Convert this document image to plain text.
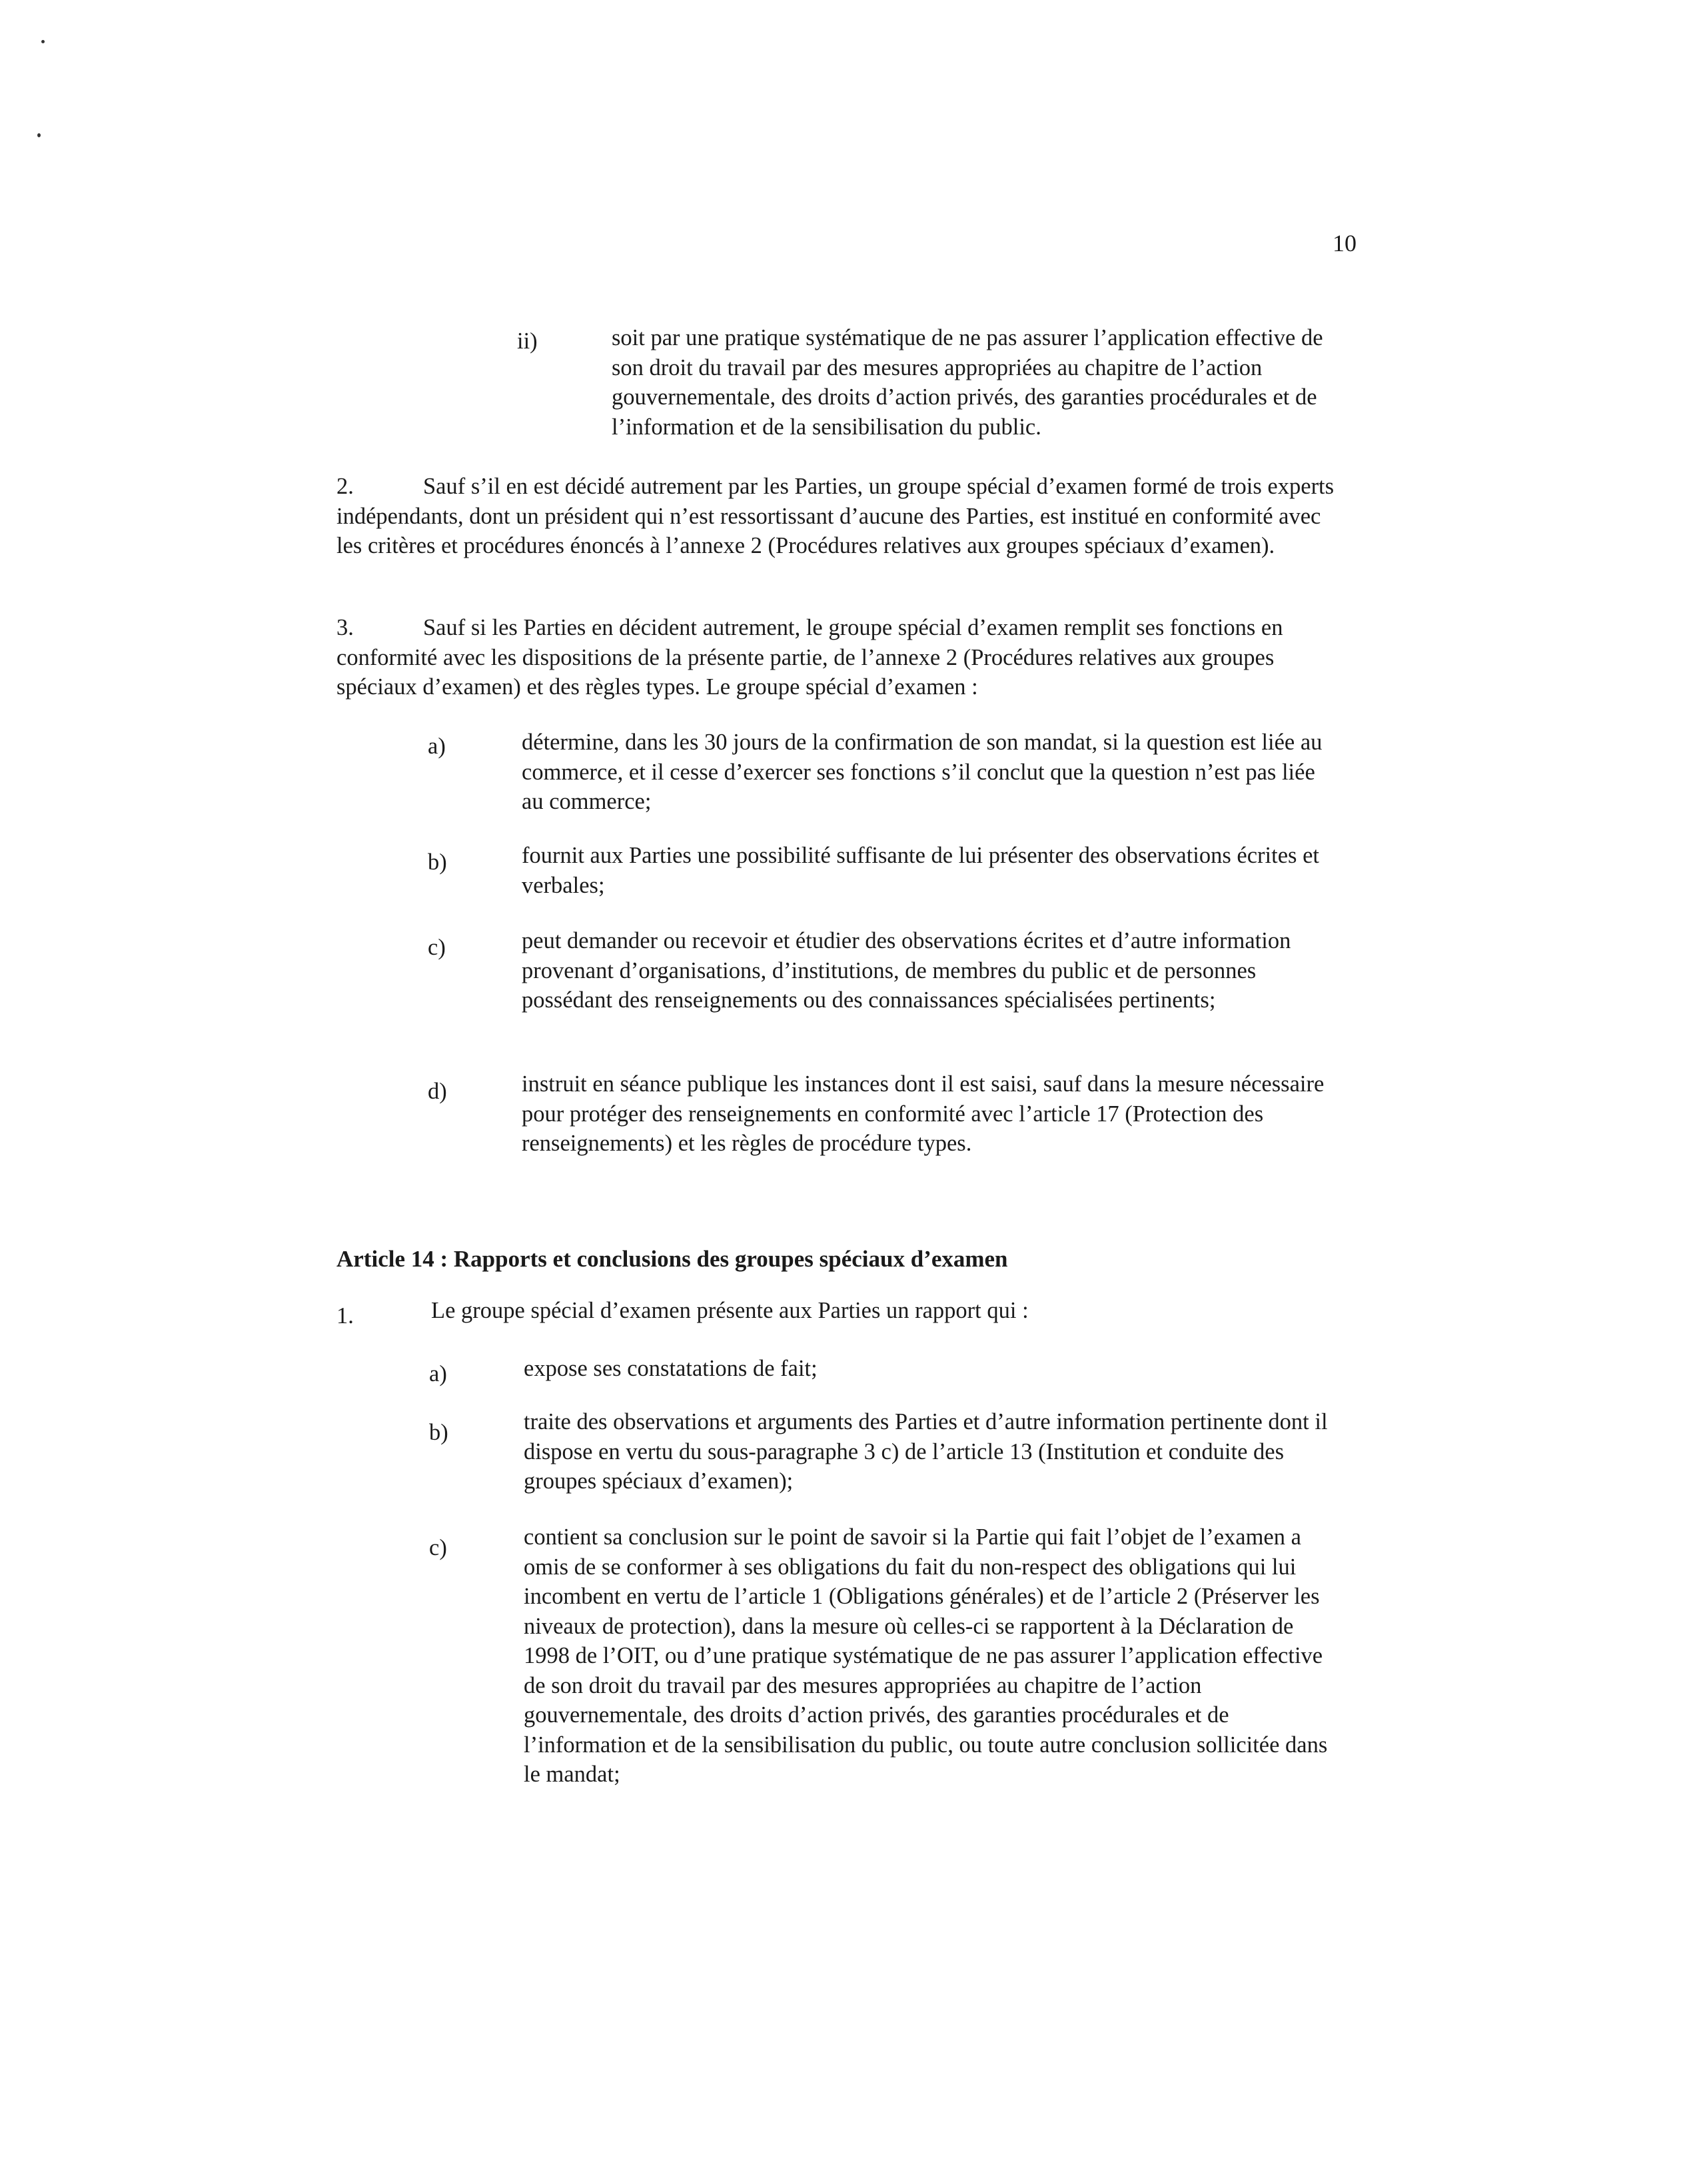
10
ii)	soit par une pratique systématique de ne pas assurer l’application effective de son droit du travail par des mesures appropriées au chapitre de l’action gouvernementale, des droits d’action privés, des garanties procédurales et de l’information et de la sensibilisation du public.

2.	Sauf s’il en est décidé autrement par les Parties, un groupe spécial d’examen formé de trois experts indépendants, dont un président qui n’est ressortissant d’aucune des Parties, est institué en conformité avec les critères et procédures énoncés à l’annexe 2 (Procédures relatives aux groupes spéciaux d’examen).

3.	Sauf si les Parties en décident autrement, le groupe spécial d’examen remplit ses fonctions en conformité avec les dispositions de la présente partie, de l’annexe 2 (Procédures relatives aux groupes spéciaux d’examen) et des règles types. Le groupe spécial d’examen :

a)	détermine, dans les 30 jours de la confirmation de son mandat, si la question est liée au commerce, et il cesse d’exercer ses fonctions s’il conclut que la question n’est pas liée au commerce;

b)	fournit aux Parties une possibilité suffisante de lui présenter des observations écrites et verbales;

c)	peut demander ou recevoir et étudier des observations écrites et d’autre information provenant d’organisations, d’institutions, de membres du public et de personnes possédant des renseignements ou des connaissances spécialisées pertinents;

d)	instruit en séance publique les instances dont il est saisi, sauf dans la mesure nécessaire pour protéger des renseignements en conformité avec l’article 17 (Protection des renseignements) et les règles de procédure types.

Article 14 : Rapports et conclusions des groupes spéciaux d’examen
1.	Le groupe spécial d’examen présente aux Parties un rapport qui :

a)	expose ses constatations de fait;

b)	traite des observations et arguments des Parties et d’autre information pertinente dont il dispose en vertu du sous-paragraphe 3 c) de l’article 13 (Institution et conduite des groupes spéciaux d’examen);

c)	contient sa conclusion sur le point de savoir si la Partie qui fait l’objet de l’examen a omis de se conformer à ses obligations du fait du non-respect des obligations qui lui incombent en vertu de l’article 1 (Obligations générales) et de l’article 2 (Préserver les niveaux de protection), dans la mesure où celles-ci se rapportent à la Déclaration de 1998 de l’OIT, ou d’une pratique systématique de ne pas assurer l’application effective de son droit du travail par des mesures appropriées au chapitre de l’action gouvernementale, des droits d’action privés, des garanties procédurales et de l’information et de la sensibilisation du public, ou toute autre conclusion sollicitée dans le mandat;
